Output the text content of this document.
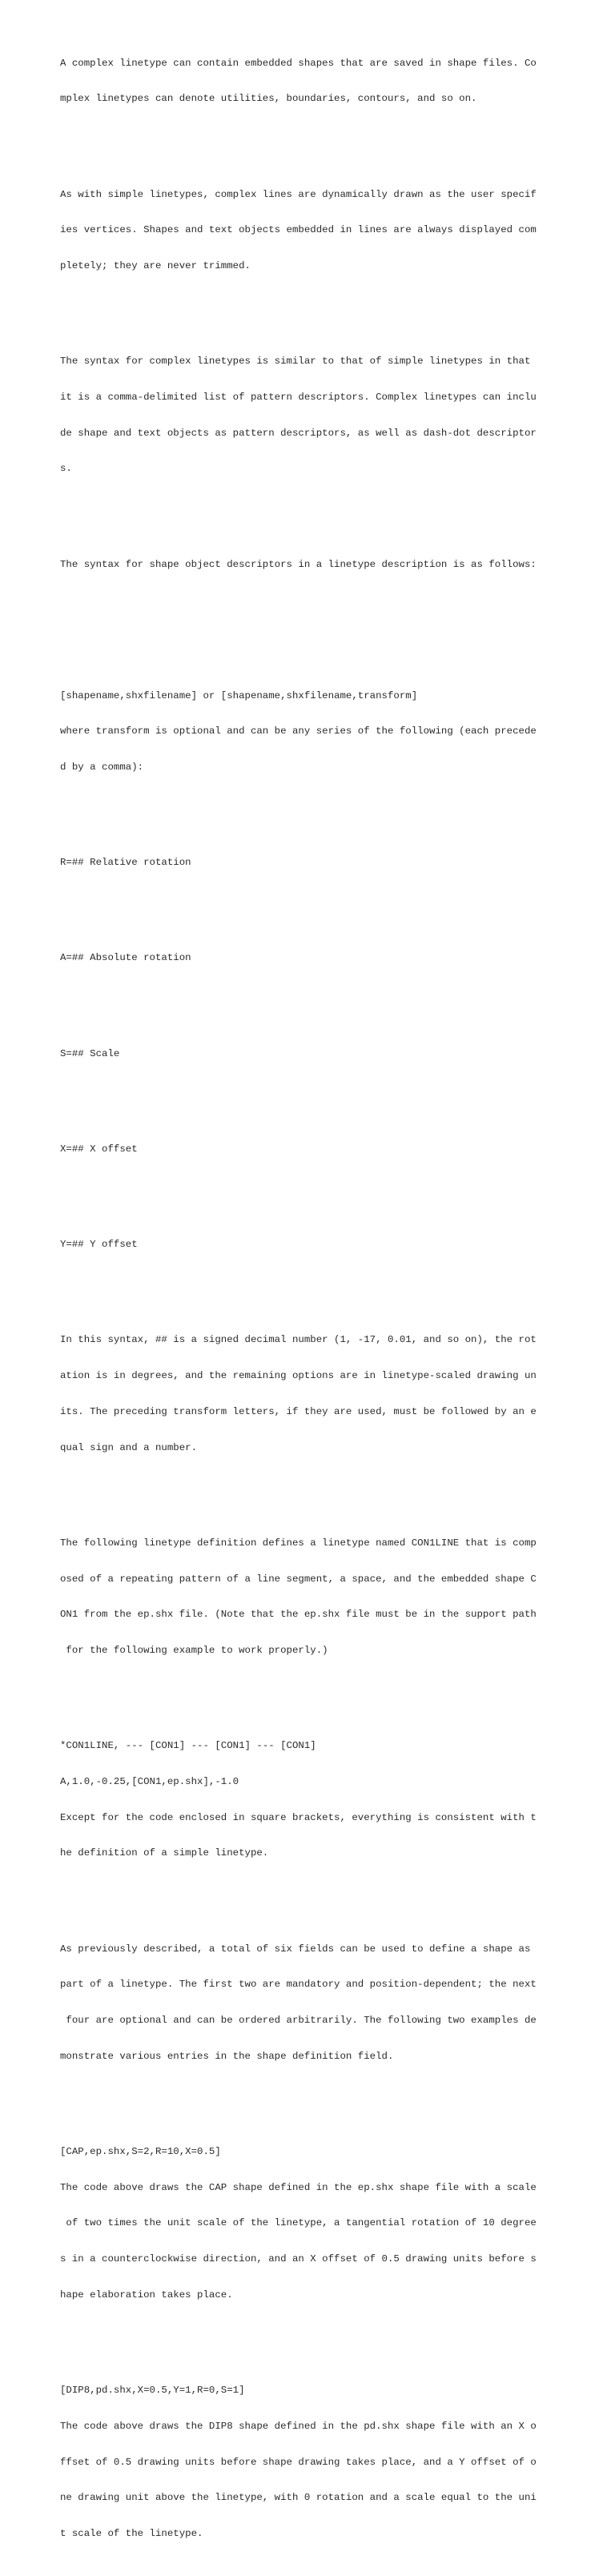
A complex linetype can contain embedded shapes that are saved in shape files. Co

mplex linetypes can denote utilities, boundaries, contours, and so on.

As with simple linetypes, complex lines are dynamically drawn as the user specif

ies vertices. Shapes and text objects embedded in lines are always displayed com

pletely; they are never trimmed.

The syntax for complex linetypes is similar to that of simple linetypes in that

it is a comma-delimited list of pattern descriptors. Complex linetypes can inclu

de shape and text objects as pattern descriptors, as well as dash-dot descriptor

s.

The syntax for shape object descriptors in a linetype description is as follows:

[shapename,shxfilename] or [shapename,shxfilename,transform]

where transform is optional and can be any series of the following (each precede

d by a comma):

R=## Relative rotation

A=## Absolute rotation

S=## Scale

X=## X offset

Y=## Y offset

In this syntax, ## is a signed decimal number (1, -17, 0.01, and so on), the rot

ation is in degrees, and the remaining options are in linetype-scaled drawing un

its. The preceding transform letters, if they are used, must be followed by an e

qual sign and a number.

The following linetype definition defines a linetype named CON1LINE that is comp

osed of a repeating pattern of a line segment, a space, and the embedded shape C

ON1 from the ep.shx file. (Note that the ep.shx file must be in the support path

for the following example to work properly.)

*CON1LINE, --- [CON1] --- [CON1] --- [CON1]

A,1.0,-0.25,[CON1,ep.shx],-1.0

Except for the code enclosed in square brackets, everything is consistent with t

he definition of a simple linetype.

As previously described, a total of six fields can be used to define a shape as

part of a linetype. The first two are mandatory and position-dependent; the next

four are optional and can be ordered arbitrarily. The following two examples de

monstrate various entries in the shape definition field.

[CAP,ep.shx,S=2,R=10,X=0.5]

The code above draws the CAP shape defined in the ep.shx shape file with a scale

of two times the unit scale of the linetype, a tangential rotation of 10 degree

s in a counterclockwise direction, and an X offset of 0.5 drawing units before s

hape elaboration takes place.

[DIP8,pd.shx,X=0.5,Y=1,R=0,S=1]

The code above draws the DIP8 shape defined in the pd.shx shape file with an X o

ffset of 0.5 drawing units before shape drawing takes place, and a Y offset of o

ne drawing unit above the linetype, with 0 rotation and a scale equal to the uni

t scale of the linetype.
